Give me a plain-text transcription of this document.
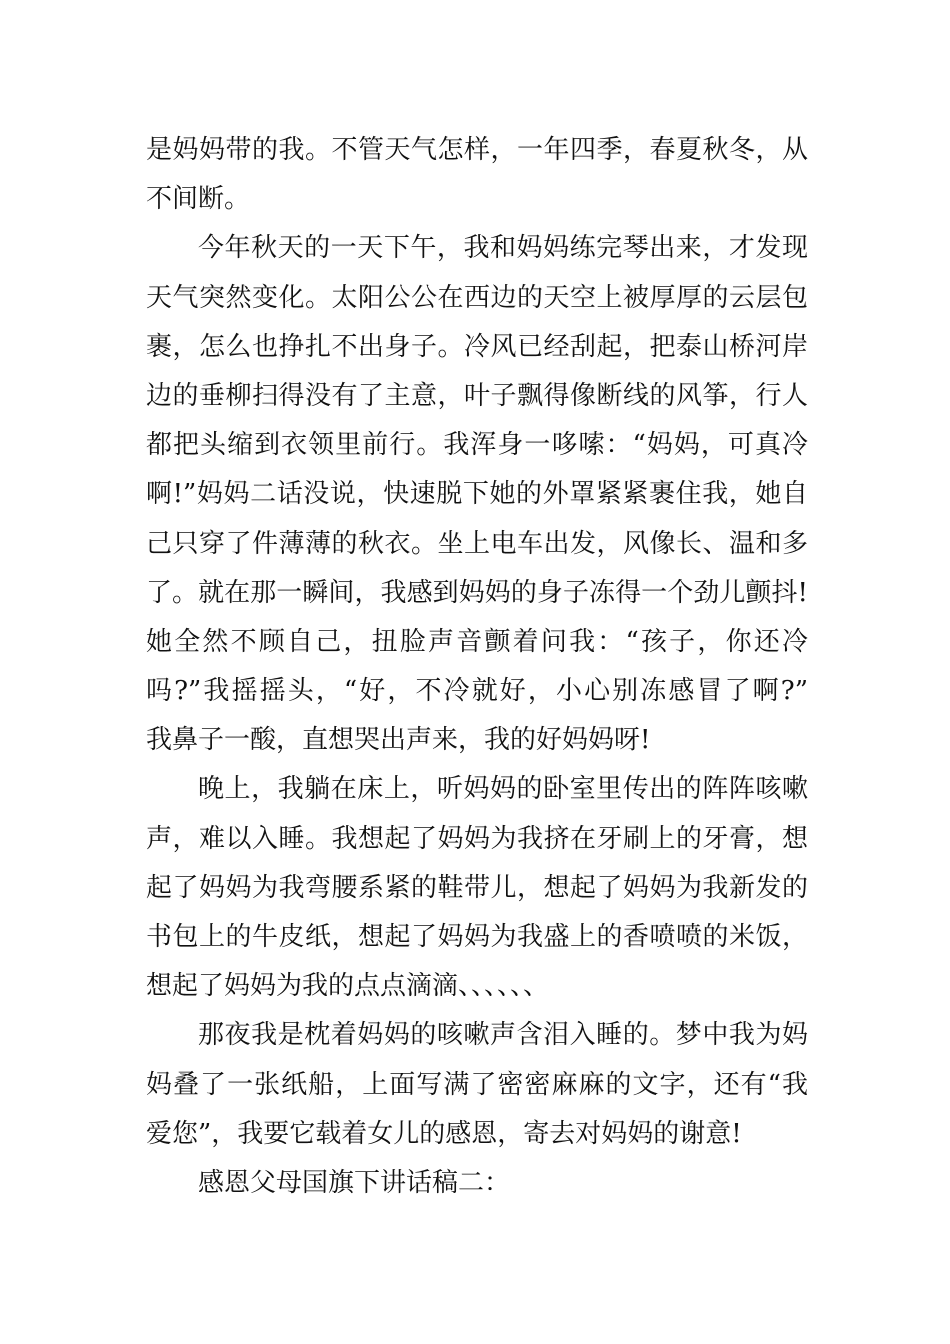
是妈妈带的我。不管天气怎样，一年四季，春夏秋冬，从
不间断。
今年秋天的一天下午，我和妈妈练完琴出来，才发现
天气突然变化。太阳公公在西边的天空上被厚厚的云层包
裹，怎么也挣扎不出身子。冷风已经刮起，把泰山桥河岸
边的垂柳扫得没有了主意，叶子飘得像断线的风筝，行人
都把头缩到衣领里前行。我浑身一哆嗦：“妈妈，可真冷
啊!”妈妈二话没说，快速脱下她的外罩紧紧裹住我，她自
己只穿了件薄薄的秋衣。坐上电车出发，风像长、温和多
了。就在那一瞬间，我感到妈妈的身子冻得一个劲儿颤抖!
她全然不顾自己，扭脸声音颤着问我：“孩子，你还冷
吗?”我摇摇头，“好，不冷就好，小心别冻感冒了啊?”
我鼻子一酸，直想哭出声来，我的好妈妈呀!
晚上，我躺在床上，听妈妈的卧室里传出的阵阵咳嗽
声，难以入睡。我想起了妈妈为我挤在牙刷上的牙膏，想
起了妈妈为我弯腰系紧的鞋带儿，想起了妈妈为我新发的
书包上的牛皮纸，想起了妈妈为我盛上的香喷喷的米饭，
想起了妈妈为我的点点滴滴、、、、、、
那夜我是枕着妈妈的咳嗽声含泪入睡的。梦中我为妈
妈叠了一张纸船，上面写满了密密麻麻的文字，还有“我
爱您”，我要它载着女儿的感恩，寄去对妈妈的谢意!
感恩父母国旗下讲话稿二：
